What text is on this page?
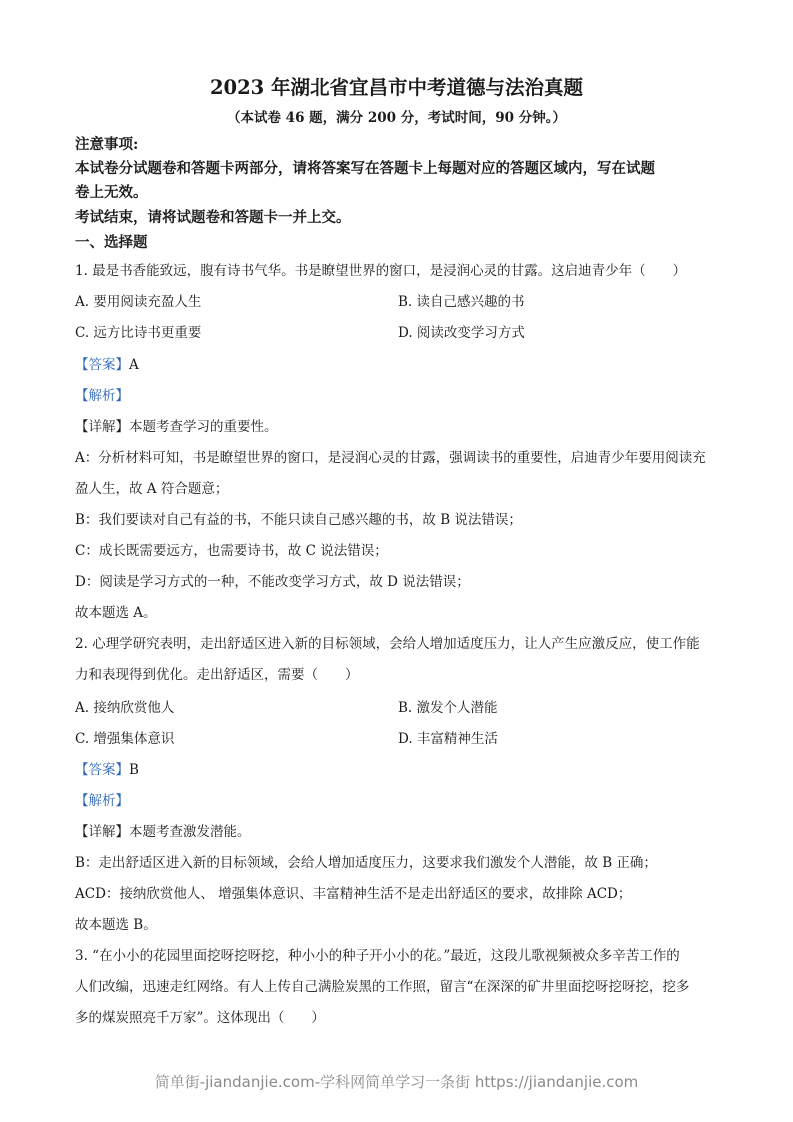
2023 年湖北省宜昌市中考道德与法治真题
（本试卷 46 题，满分 200 分，考试时间，90 分钟。）
注意事项:
本试卷分试题卷和答题卡两部分，请将答案写在答题卡上每题对应的答题区域内，写在试题
卷上无效。
考试结束，请将试题卷和答题卡一并上交。
一、选择题
1. 最是书香能致远，腹有诗书气华。书是瞭望世界的窗口，是浸润心灵的甘露。这启迪青少年（　　）
A. 要用阅读充盈人生	B. 读自己感兴趣的书
C. 远方比诗书更重要	D. 阅读改变学习方式
【答案】A
【解析】
【详解】本题考查学习的重要性。
A：分析材料可知，书是瞭望世界的窗口，是浸润心灵的甘露，强调读书的重要性，启迪青少年要用阅读充
盈人生，故 A 符合题意；
B：我们要读对自己有益的书，不能只读自己感兴趣的书，故 B 说法错误；
C：成长既需要远方，也需要诗书，故 C 说法错误；
D：阅读是学习方式的一种，不能改变学习方式，故 D 说法错误；
故本题选 A。
2. 心理学研究表明，走出舒适区进入新的目标领域，会给人增加适度压力，让人产生应激反应，使工作能
力和表现得到优化。走出舒适区，需要（　　）
A. 接纳欣赏他人	B. 激发个人潜能
C. 增强集体意识	D. 丰富精神生活
【答案】B
【解析】
【详解】本题考查激发潜能。
B：走出舒适区进入新的目标领域，会给人增加适度压力，这要求我们激发个人潜能，故 B 正确；
ACD：接纳欣赏他人、 增强集体意识、丰富精神生活不是走出舒适区的要求，故排除 ACD；
故本题选 B。
3. “在小小的花园里面挖呀挖呀挖，种小小的种子开小小的花。”最近，这段儿歌视频被众多辛苦工作的
人们改编，迅速走红网络。有人上传自己满脸炭黑的工作照，留言“在深深的矿井里面挖呀挖呀挖，挖多
多的煤炭照亮千万家”。这体现出（　　）
简单街-jiandanjie.com-学科网简单学习一条街 https://jiandanjie.com
